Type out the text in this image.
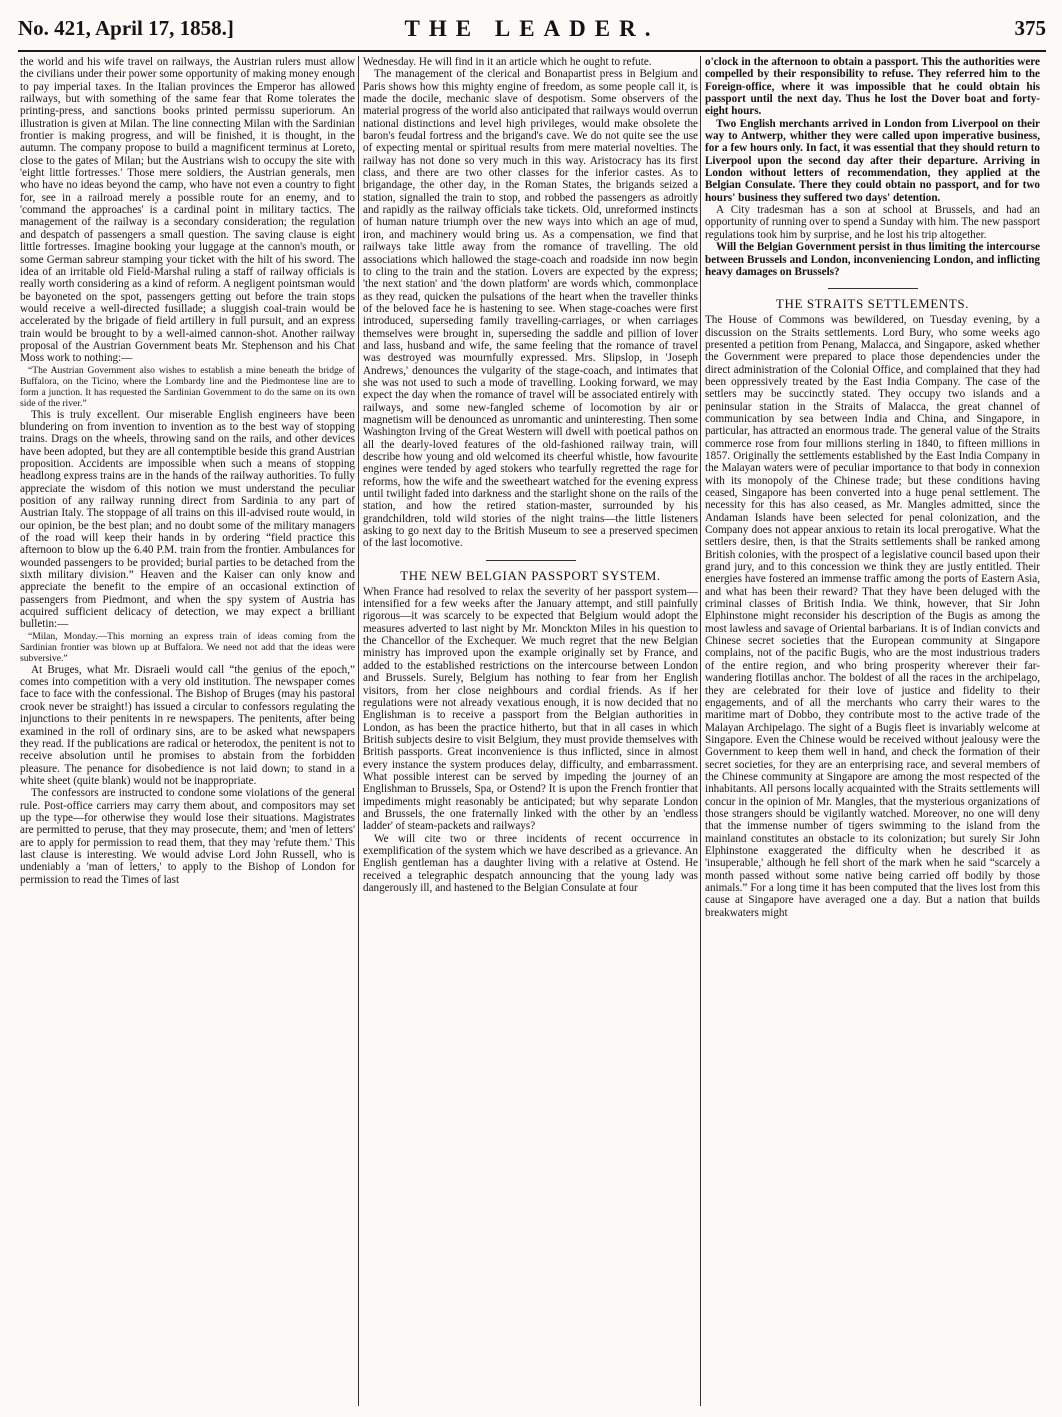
No. 421, April 17, 1858.]	THE LEADER.	375

the world and his wife travel on railways, the Austrian rulers must allow the civilians under their power some opportunity of making money enough to pay imperial taxes. In the Italian provinces the Emperor has allowed railways, but with something of the same fear that Rome tolerates the printing-press, and sanctions books printed permissu superiorum. An illustration is given at Milan. The line connecting Milan with the Sardinian frontier is making progress, and will be finished, it is thought, in the autumn. The company propose to build a magnificent terminus at Loreto, close to the gates of Milan; but the Austrians wish to occupy the site with 'eight little fortresses.' Those mere soldiers, the Austrian generals, men who have no ideas beyond the camp, who have not even a country to fight for, see in a railroad merely a possible route for an enemy, and to 'command the approaches' is a cardinal point in military tactics. The management of the railway is a secondary consideration; the regulation and despatch of passengers a small question. The saving clause is eight little fortresses. Imagine booking your luggage at the cannon's mouth, or some German sabreur stamping your ticket with the hilt of his sword. The idea of an irritable old Field-Marshal ruling a staff of railway officials is really worth considering as a kind of reform. A negligent pointsman would be bayoneted on the spot, passengers getting out before the train stops would receive a well-directed fusillade; a sluggish coal-train would be accelerated by the brigade of field artillery in full pursuit, and an express train would be brought to by a well-aimed cannon-shot. Another railway proposal of the Austrian Government beats Mr. Stephenson and his Chat Moss work to nothing:—

“The Austrian Government also wishes to establish a mine beneath the bridge of Buffalora, on the Ticino, where the Lombardy line and the Piedmontese line are to form a junction. It has requested the Sardinian Government to do the same on its own side of the river.”

This is truly excellent. Our miserable English engineers have been blundering on from invention to invention as to the best way of stopping trains. Drags on the wheels, throwing sand on the rails, and other devices have been adopted, but they are all contemptible beside this grand Austrian proposition. Accidents are impossible when such a means of stopping headlong express trains are in the hands of the railway authorities. To fully appreciate the wisdom of this notion we must understand the peculiar position of any railway running direct from Sardinia to any part of Austrian Italy. The stoppage of all trains on this ill-advised route would, in our opinion, be the best plan; and no doubt some of the military managers of the road will keep their hands in by ordering “field practice this afternoon to blow up the 6.40 P.M. train from the frontier. Ambulances for wounded passengers to be provided; burial parties to be detached from the sixth military division.” Heaven and the Kaiser can only know and appreciate the benefit to the empire of an occasional extinction of passengers from Piedmont, and when the spy system of Austria has acquired sufficient delicacy of detection, we may expect a brilliant bulletin:—

“Milan, Monday.—This morning an express train of ideas coming from the Sardinian frontier was blown up at Buffalora. We need not add that the ideas were subversive.”

At Bruges, what Mr. Disraeli would call “the genius of the epoch,” comes into competition with a very old institution. The newspaper comes face to face with the confessional. The Bishop of Bruges (may his pastoral crook never be straight!) has issued a circular to confessors regulating the injunctions to their penitents in re newspapers. The penitents, after being examined in the roll of ordinary sins, are to be asked what newspapers they read. If the publications are radical or heterodox, the penitent is not to receive absolution until he promises to abstain from the forbidden pleasure. The penance for disobedience is not laid down; to stand in a white sheet (quite blank) would not be inappropriate.

The confessors are instructed to condone some violations of the general rule. Post-office carriers may carry them about, and compositors may set up the type—for otherwise they would lose their situations. Magistrates are permitted to peruse, that they may prosecute, them; and 'men of letters' are to apply for permission to read them, that they may 'refute them.' This last clause is interesting. We would advise Lord John Russell, who is undeniably a 'man of letters,' to apply to the Bishop of London for permission to read the Times of last

Wednesday. He will find in it an article which he ought to refute.

The management of the clerical and Bonapartist press in Belgium and Paris shows how this mighty engine of freedom, as some people call it, is made the docile, mechanic slave of despotism. Some observers of the material progress of the world also anticipated that railways would overrun national distinctions and level high privileges, would make obsolete the baron's feudal fortress and the brigand's cave. We do not quite see the use of expecting mental or spiritual results from mere material novelties. The railway has not done so very much in this way. Aristocracy has its first class, and there are two other classes for the inferior castes. As to brigandage, the other day, in the Roman States, the brigands seized a station, signalled the train to stop, and robbed the passengers as adroitly and rapidly as the railway officials take tickets. Old, unreformed instincts of human nature triumph over the new ways into which an age of mud, iron, and machinery would bring us. As a compensation, we find that railways take little away from the romance of travelling. The old associations which hallowed the stage-coach and roadside inn now begin to cling to the train and the station. Lovers are expected by the express; 'the next station' and 'the down platform' are words which, commonplace as they read, quicken the pulsations of the heart when the traveller thinks of the beloved face he is hastening to see. When stage-coaches were first introduced, superseding family travelling-carriages, or when carriages themselves were brought in, superseding the saddle and pillion of lover and lass, husband and wife, the same feeling that the romance of travel was destroyed was mournfully expressed. Mrs. Slipslop, in 'Joseph Andrews,' denounces the vulgarity of the stage-coach, and intimates that she was not used to such a mode of travelling. Looking forward, we may expect the day when the romance of travel will be associated entirely with railways, and some new-fangled scheme of locomotion by air or magnetism will be denounced as unromantic and uninteresting. Then some Washington Irving of the Great Western will dwell with poetical pathos on all the dearly-loved features of the old-fashioned railway train, will describe how young and old welcomed its cheerful whistle, how favourite engines were tended by aged stokers who tearfully regretted the rage for reforms, how the wife and the sweetheart watched for the evening express until twilight faded into darkness and the starlight shone on the rails of the station, and how the retired station-master, surrounded by his grandchildren, told wild stories of the night trains—the little listeners asking to go next day to the British Museum to see a preserved specimen of the last locomotive.

THE NEW BELGIAN PASSPORT SYSTEM.

When France had resolved to relax the severity of her passport system—intensified for a few weeks after the January attempt, and still painfully rigorous—it was scarcely to be expected that Belgium would adopt the measures adverted to last night by Mr. Monckton Miles in his question to the Chancellor of the Exchequer. We much regret that the new Belgian ministry has improved upon the example originally set by France, and added to the established restrictions on the intercourse between London and Brussels. Surely, Belgium has nothing to fear from her English visitors, from her close neighbours and cordial friends. As if her regulations were not already vexatious enough, it is now decided that no Englishman is to receive a passport from the Belgian authorities in London, as has been the practice hitherto, but that in all cases in which British subjects desire to visit Belgium, they must provide themselves with British passports. Great inconvenience is thus inflicted, since in almost every instance the system produces delay, difficulty, and embarrassment. What possible interest can be served by impeding the journey of an Englishman to Brussels, Spa, or Ostend? It is upon the French frontier that impediments might reasonably be anticipated; but why separate London and Brussels, the one fraternally linked with the other by an 'endless ladder' of steam-packets and railways?

We will cite two or three incidents of recent occurrence in exemplification of the system which we have described as a grievance. An English gentleman has a daughter living with a relative at Ostend. He received a telegraphic despatch announcing that the young lady was dangerously ill, and hastened to the Belgian Consulate at four

o'clock in the afternoon to obtain a passport. This the authorities were compelled by their responsibility to refuse. They referred him to the Foreign-office, where it was impossible that he could obtain his passport until the next day. Thus he lost the Dover boat and forty-eight hours.

Two English merchants arrived in London from Liverpool on their way to Antwerp, whither they were called upon imperative business, for a few hours only. In fact, it was essential that they should return to Liverpool upon the second day after their departure. Arriving in London without letters of recommendation, they applied at the Belgian Consulate. There they could obtain no passport, and for two hours' business they suffered two days' detention.

A City tradesman has a son at school at Brussels, and had an opportunity of running over to spend a Sunday with him. The new passport regulations took him by surprise, and he lost his trip altogether.

Will the Belgian Government persist in thus limiting the intercourse between Brussels and London, inconveniencing London, and inflicting heavy damages on Brussels?

THE STRAITS SETTLEMENTS.

The House of Commons was bewildered, on Tuesday evening, by a discussion on the Straits settlements. Lord Bury, who some weeks ago presented a petition from Penang, Malacca, and Singapore, asked whether the Government were prepared to place those dependencies under the direct administration of the Colonial Office, and complained that they had been oppressively treated by the East India Company. The case of the settlers may be succinctly stated. They occupy two islands and a peninsular station in the Straits of Malacca, the great channel of communication by sea between India and China, and Singapore, in particular, has attracted an enormous trade. The general value of the Straits commerce rose from four millions sterling in 1840, to fifteen millions in 1857. Originally the settlements established by the East India Company in the Malayan waters were of peculiar importance to that body in connexion with its monopoly of the Chinese trade; but these conditions having ceased, Singapore has been converted into a huge penal settlement. The necessity for this has also ceased, as Mr. Mangles admitted, since the Andaman Islands have been selected for penal colonization, and the Company does not appear anxious to retain its local prerogative. What the settlers desire, then, is that the Straits settlements shall be ranked among British colonies, with the prospect of a legislative council based upon their grand jury, and to this concession we think they are justly entitled. Their energies have fostered an immense traffic among the ports of Eastern Asia, and what has been their reward? That they have been deluged with the criminal classes of British India. We think, however, that Sir John Elphinstone might reconsider his description of the Bugis as among the most lawless and savage of Oriental barbarians. It is of Indian convicts and Chinese secret societies that the European community at Singapore complains, not of the pacific Bugis, who are the most industrious traders of the entire region, and who bring prosperity wherever their far-wandering flotillas anchor. The boldest of all the races in the archipelago, they are celebrated for their love of justice and fidelity to their engagements, and of all the merchants who carry their wares to the maritime mart of Dobbo, they contribute most to the active trade of the Malayan Archipelago. The sight of a Bugis fleet is invariably welcome at Singapore. Even the Chinese would be received without jealousy were the Government to keep them well in hand, and check the formation of their secret societies, for they are an enterprising race, and several members of the Chinese community at Singapore are among the most respected of the inhabitants. All persons locally acquainted with the Straits settlements will concur in the opinion of Mr. Mangles, that the mysterious organizations of those strangers should be vigilantly watched. Moreover, no one will deny that the immense number of tigers swimming to the island from the mainland constitutes an obstacle to its colonization; but surely Sir John Elphinstone exaggerated the difficulty when he described it as 'insuperable,' although he fell short of the mark when he said “scarcely a month passed without some native being carried off bodily by those animals.” For a long time it has been computed that the lives lost from this cause at Singapore have averaged one a day. But a nation that builds breakwaters might
